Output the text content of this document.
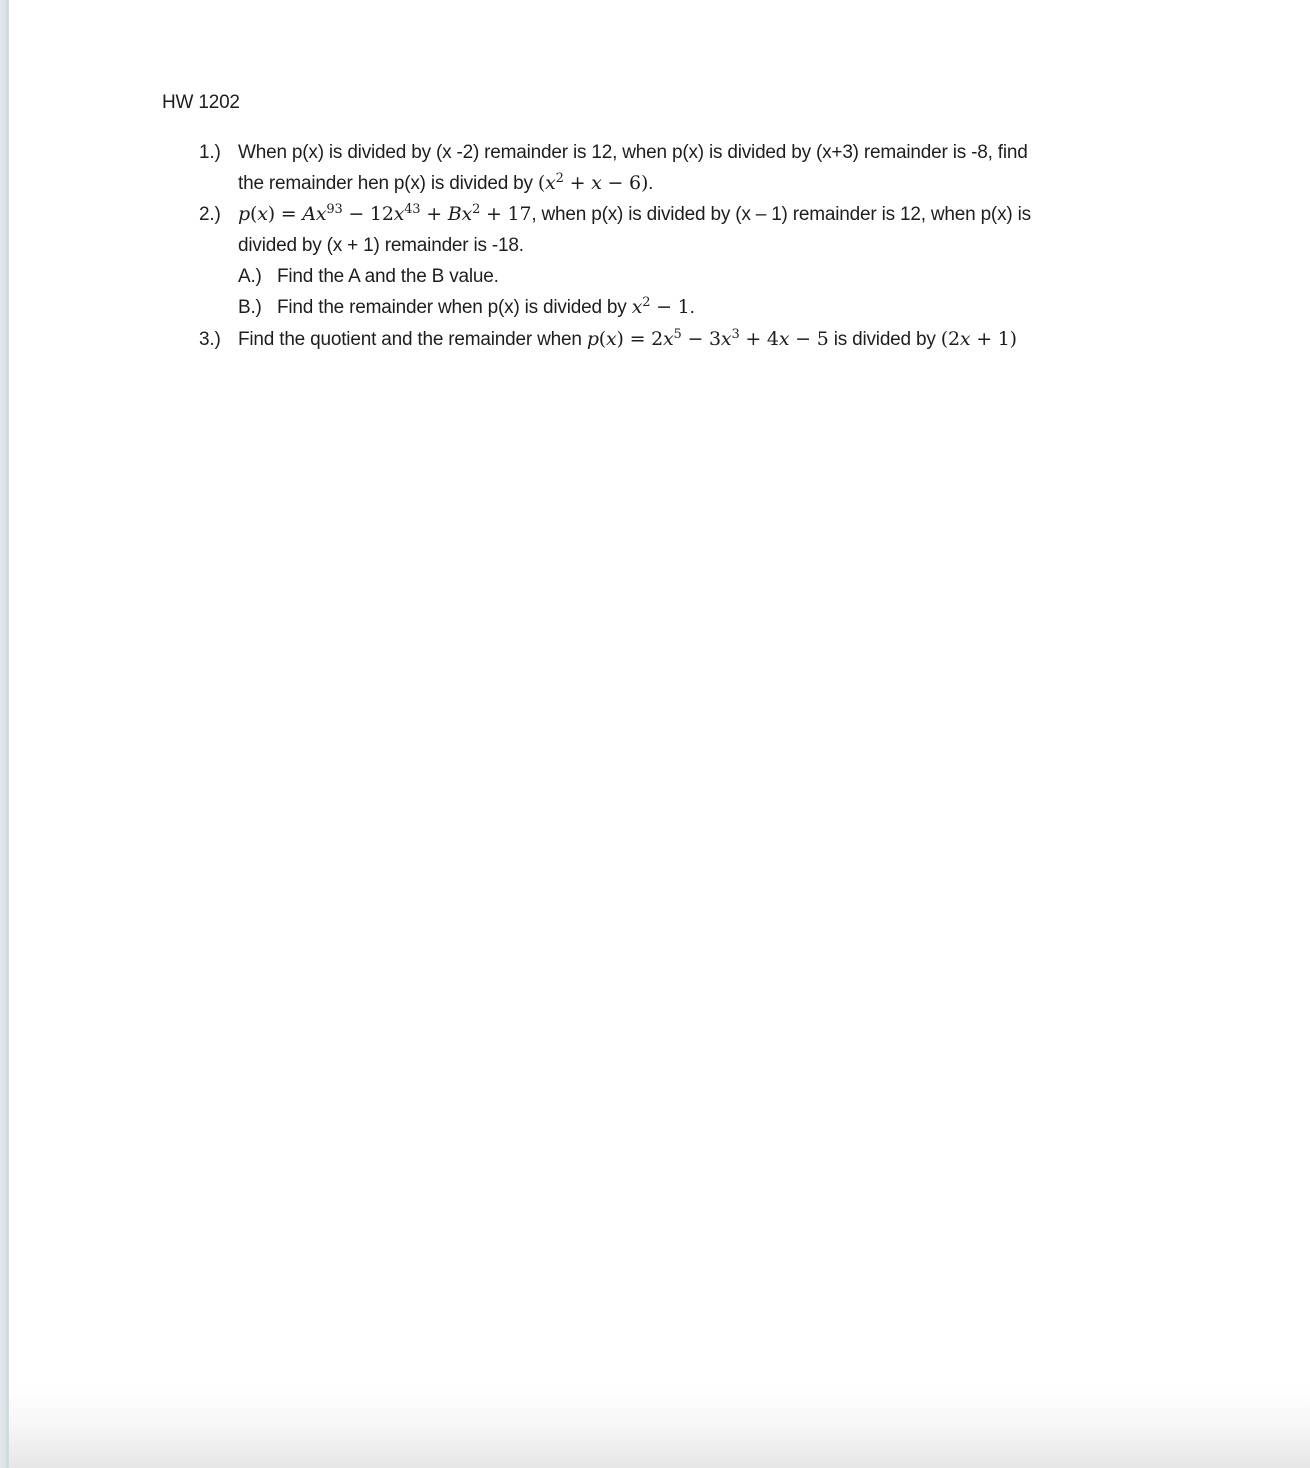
HW 1202
1.) When p(x) is divided by (x -2) remainder is 12, when p(x) is divided by (x+3) remainder is -8, find
the remainder hen p(x) is divided by $(x^2 + x - 6)$.
2.) $p(x) = Ax^{93} - 12x^{43} + Bx^2 + 17$, when p(x) is divided by (x – 1) remainder is 12, when p(x) is
divided by (x + 1) remainder is -18.
A.) Find the A and the B value.
B.) Find the remainder when p(x) is divided by $x^2 - 1$.
3.) Find the quotient and the remainder when $p(x) = 2x^5 - 3x^3 + 4x - 5$ is divided by (2x + 1)
